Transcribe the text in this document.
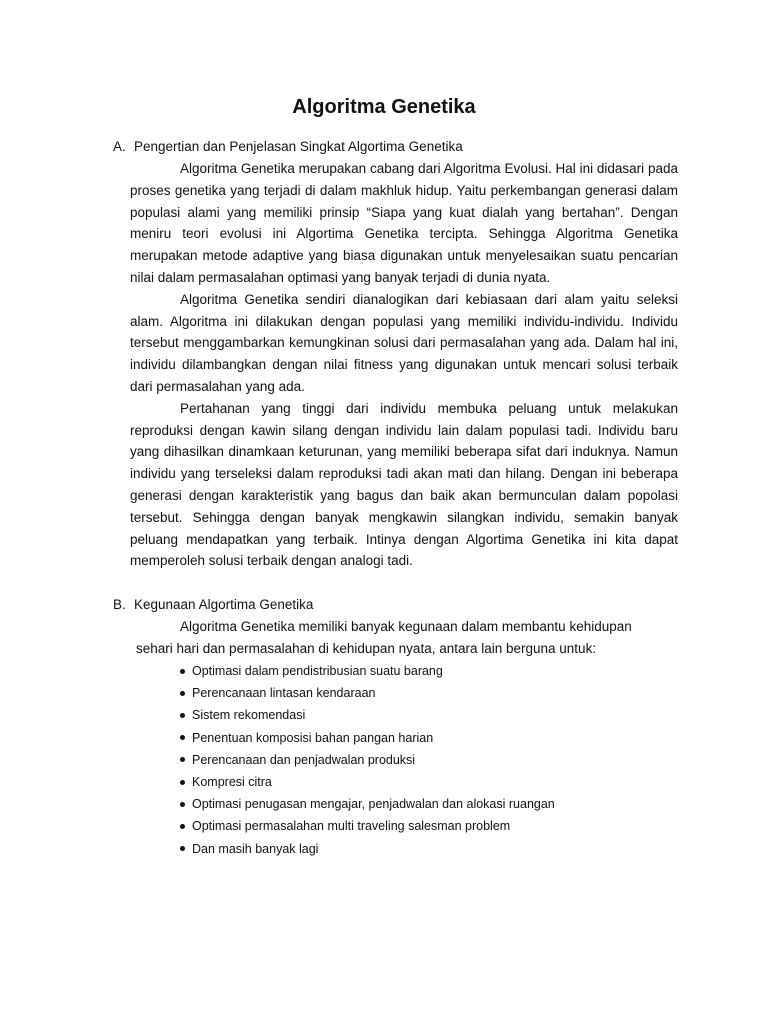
Algoritma Genetika
A. Pengertian dan Penjelasan Singkat Algortima Genetika

Algoritma Genetika merupakan cabang dari Algoritma Evolusi. Hal ini didasari pada proses genetika yang terjadi di dalam makhluk hidup. Yaitu perkembangan generasi dalam populasi alami yang memiliki prinsip “Siapa yang kuat dialah yang bertahan”. Dengan meniru teori evolusi ini Algortima Genetika tercipta. Sehingga Algoritma Genetika merupakan metode adaptive yang biasa digunakan untuk menyelesaikan suatu pencarian nilai dalam permasalahan optimasi yang banyak terjadi di dunia nyata.

Algoritma Genetika sendiri dianalogikan dari kebiasaan dari alam yaitu seleksi alam. Algoritma ini dilakukan dengan populasi yang memiliki individu-individu. Individu tersebut menggambarkan kemungkinan solusi dari permasalahan yang ada. Dalam hal ini, individu dilambangkan dengan nilai fitness yang digunakan untuk mencari solusi terbaik dari permasalahan yang ada.

Pertahanan yang tinggi dari individu membuka peluang untuk melakukan reproduksi dengan kawin silang dengan individu lain dalam populasi tadi. Individu baru yang dihasilkan dinamkaan keturunan, yang memiliki beberapa sifat dari induknya. Namun individu yang terseleksi dalam reproduksi tadi akan mati dan hilang. Dengan ini beberapa generasi dengan karakteristik yang bagus dan baik akan bermunculan dalam popolasi tersebut. Sehingga dengan banyak mengkawin silangkan individu, semakin banyak peluang mendapatkan yang terbaik. Intinya dengan Algortima Genetika ini kita dapat memperoleh solusi terbaik dengan analogi tadi.

B. Kegunaan Algortima Genetika
Algoritma Genetika memiliki banyak kegunaan dalam membantu kehidupan
sehari hari dan permasalahan di kehidupan nyata, antara lain berguna untuk:
Optimasi dalam pendistribusian suatu barang
Perencanaan lintasan kendaraan
Sistem rekomendasi
Penentuan komposisi bahan pangan harian
Perencanaan dan penjadwalan produksi
Kompresi citra
Optimasi penugasan mengajar, penjadwalan dan alokasi ruangan
Optimasi permasalahan multi traveling salesman problem
Dan masih banyak lagi
